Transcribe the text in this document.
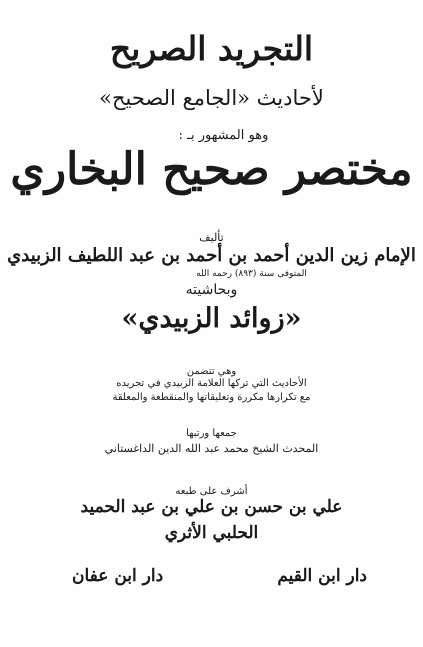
التجريد الصريح
لأحاديث «الجامع الصحيح»
وهو المشهور بـ :
مختصر صحيح البخاري
تأليف
الإمام زين الدين أحمد بن أحمد بن عبد اللطيف الزبيدي
المتوفى سنة (٨٩٣) رحمه الله
وبحاشيته
«زوائد الزبيدي»
وهي تتضمن
الأحاديث التي تركها العلامة الزبيدي في تجريده
مع تكرارها مكررة وتعليقاتها والمنقطعة والمعلقة
جمعها ورتبها
المحدث الشيخ محمد عبد الله الدين الداغستاني
أشرف على طبعه
علي بن حسن بن علي بن عبد الحميد
الحلبي الأثري
دار ابن القيم
دار ابن عفان
